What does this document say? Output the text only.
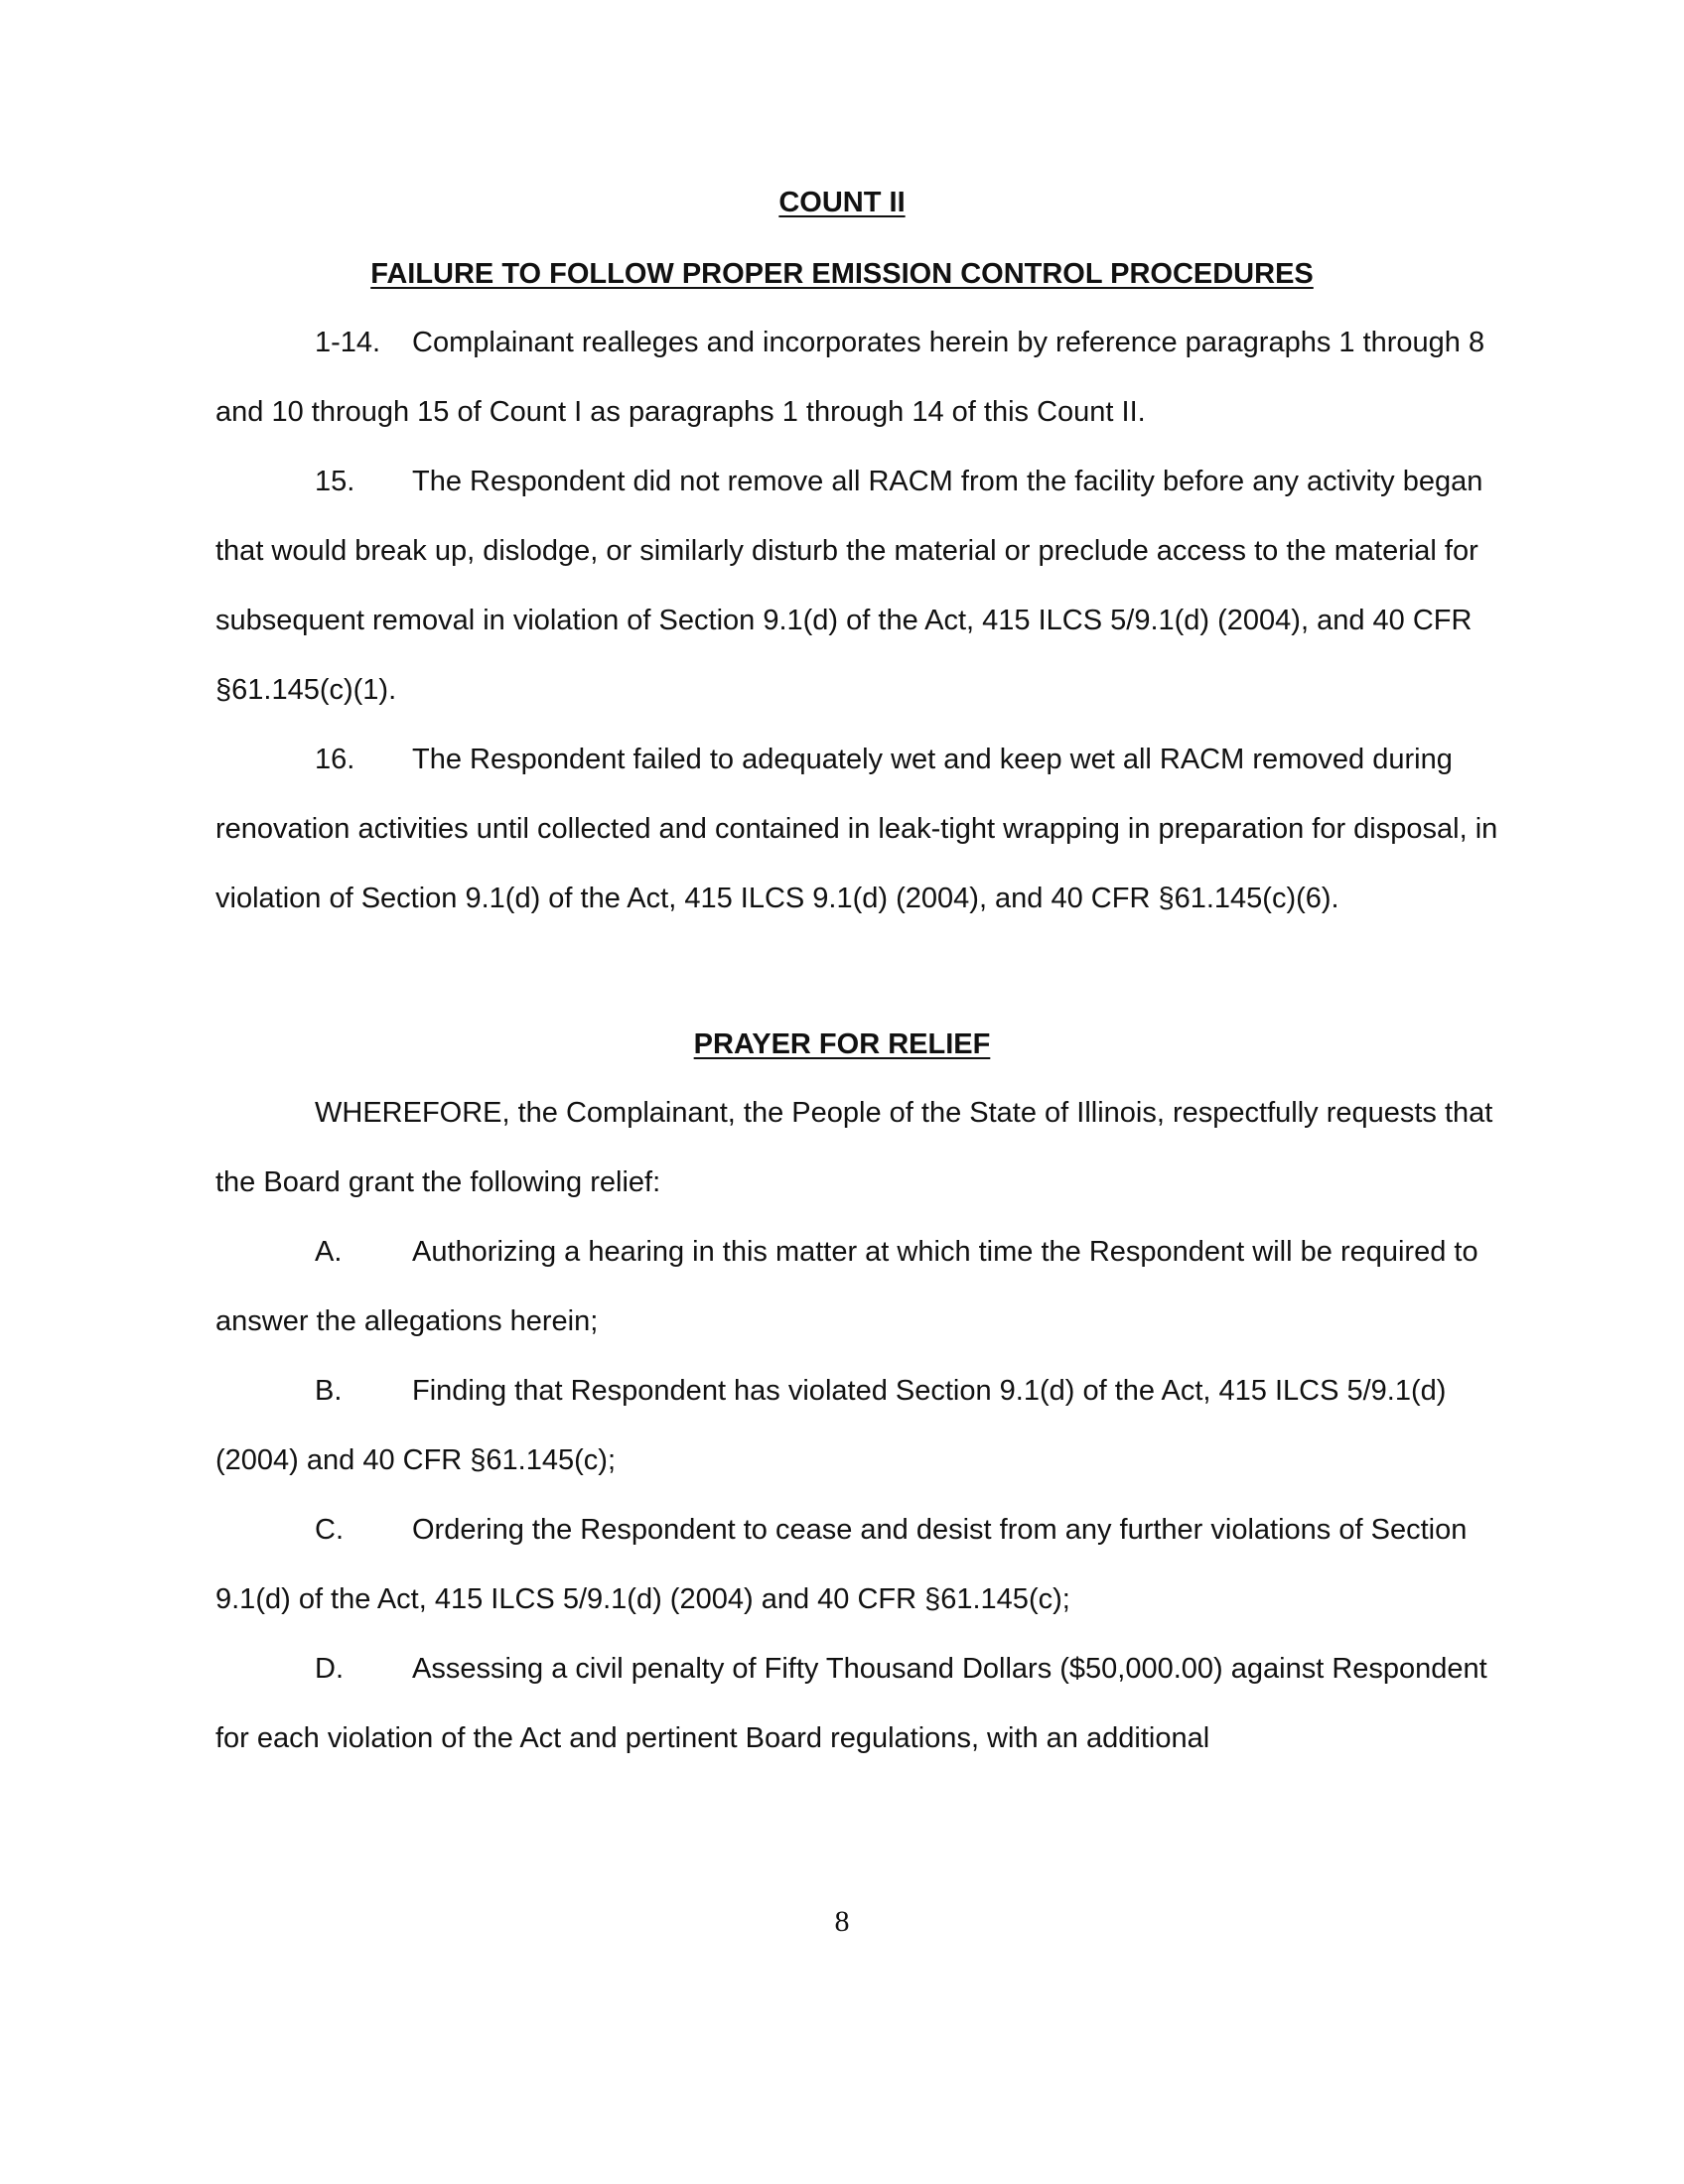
COUNT II
FAILURE TO FOLLOW PROPER EMISSION CONTROL PROCEDURES

1-14. Complainant realleges and incorporates herein by reference paragraphs 1 through 8 and 10 through 15 of Count I as paragraphs 1 through 14 of this Count II.

15. The Respondent did not remove all RACM from the facility before any activity began that would break up, dislodge, or similarly disturb the material or preclude access to the material for subsequent removal in violation of Section 9.1(d) of the Act, 415 ILCS 5/9.1(d) (2004), and 40 CFR §61.145(c)(1).

16. The Respondent failed to adequately wet and keep wet all RACM removed during renovation activities until collected and contained in leak-tight wrapping in preparation for disposal, in violation of Section 9.1(d) of the Act, 415 ILCS 9.1(d) (2004), and 40 CFR §61.145(c)(6).

PRAYER FOR RELIEF

WHEREFORE, the Complainant, the People of the State of Illinois, respectfully requests that the Board grant the following relief:

A. Authorizing a hearing in this matter at which time the Respondent will be required to answer the allegations herein;

B. Finding that Respondent has violated Section 9.1(d) of the Act, 415 ILCS 5/9.1(d) (2004) and 40 CFR §61.145(c);

C. Ordering the Respondent to cease and desist from any further violations of Section 9.1(d) of the Act, 415 ILCS 5/9.1(d) (2004) and 40 CFR §61.145(c);

D. Assessing a civil penalty of Fifty Thousand Dollars ($50,000.00) against Respondent for each violation of the Act and pertinent Board regulations, with an additional

8
